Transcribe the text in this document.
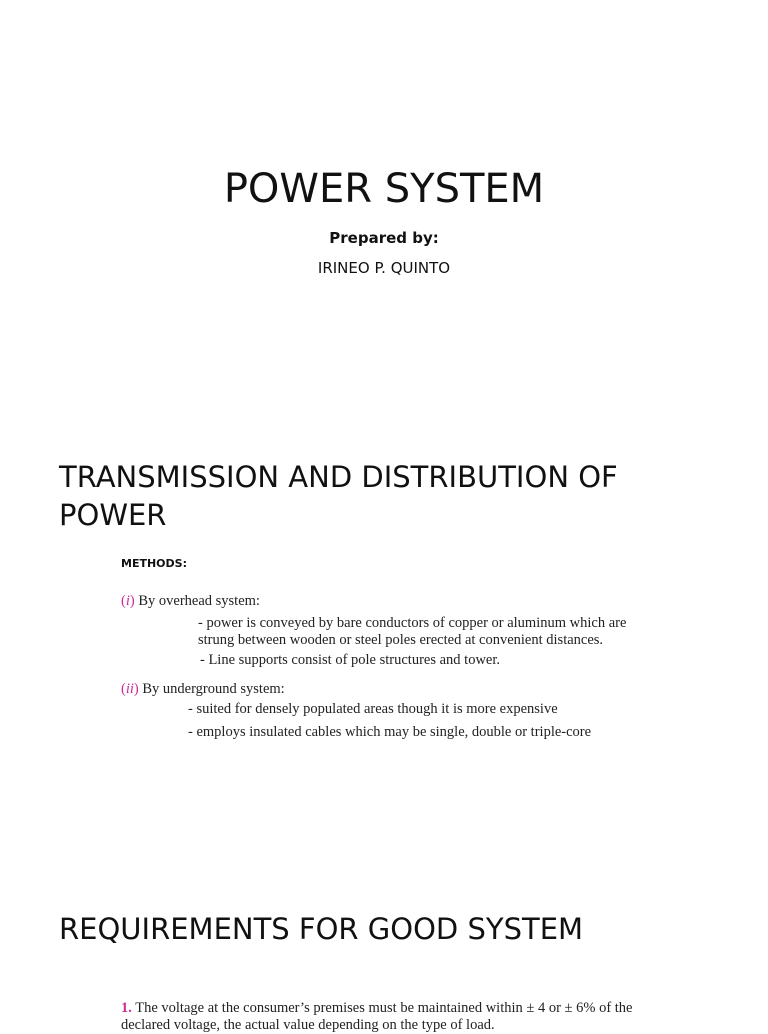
POWER SYSTEM
Prepared by:
IRINEO P. QUINTO
TRANSMISSION AND DISTRIBUTION OF
POWER
METHODS:
(i) By overhead system:
- power is conveyed by bare conductors of copper or aluminum which are
strung between wooden or steel poles erected at convenient distances.
- Line supports consist of pole structures and tower.
(ii) By underground system:
- suited for densely populated areas though it is more expensive
- employs insulated cables which may be single, double or triple-core
REQUIREMENTS FOR GOOD SYSTEM
1. The voltage at the consumer’s premises must be maintained within ± 4 or ± 6% of the
declared voltage, the actual value depending on the type of load.
